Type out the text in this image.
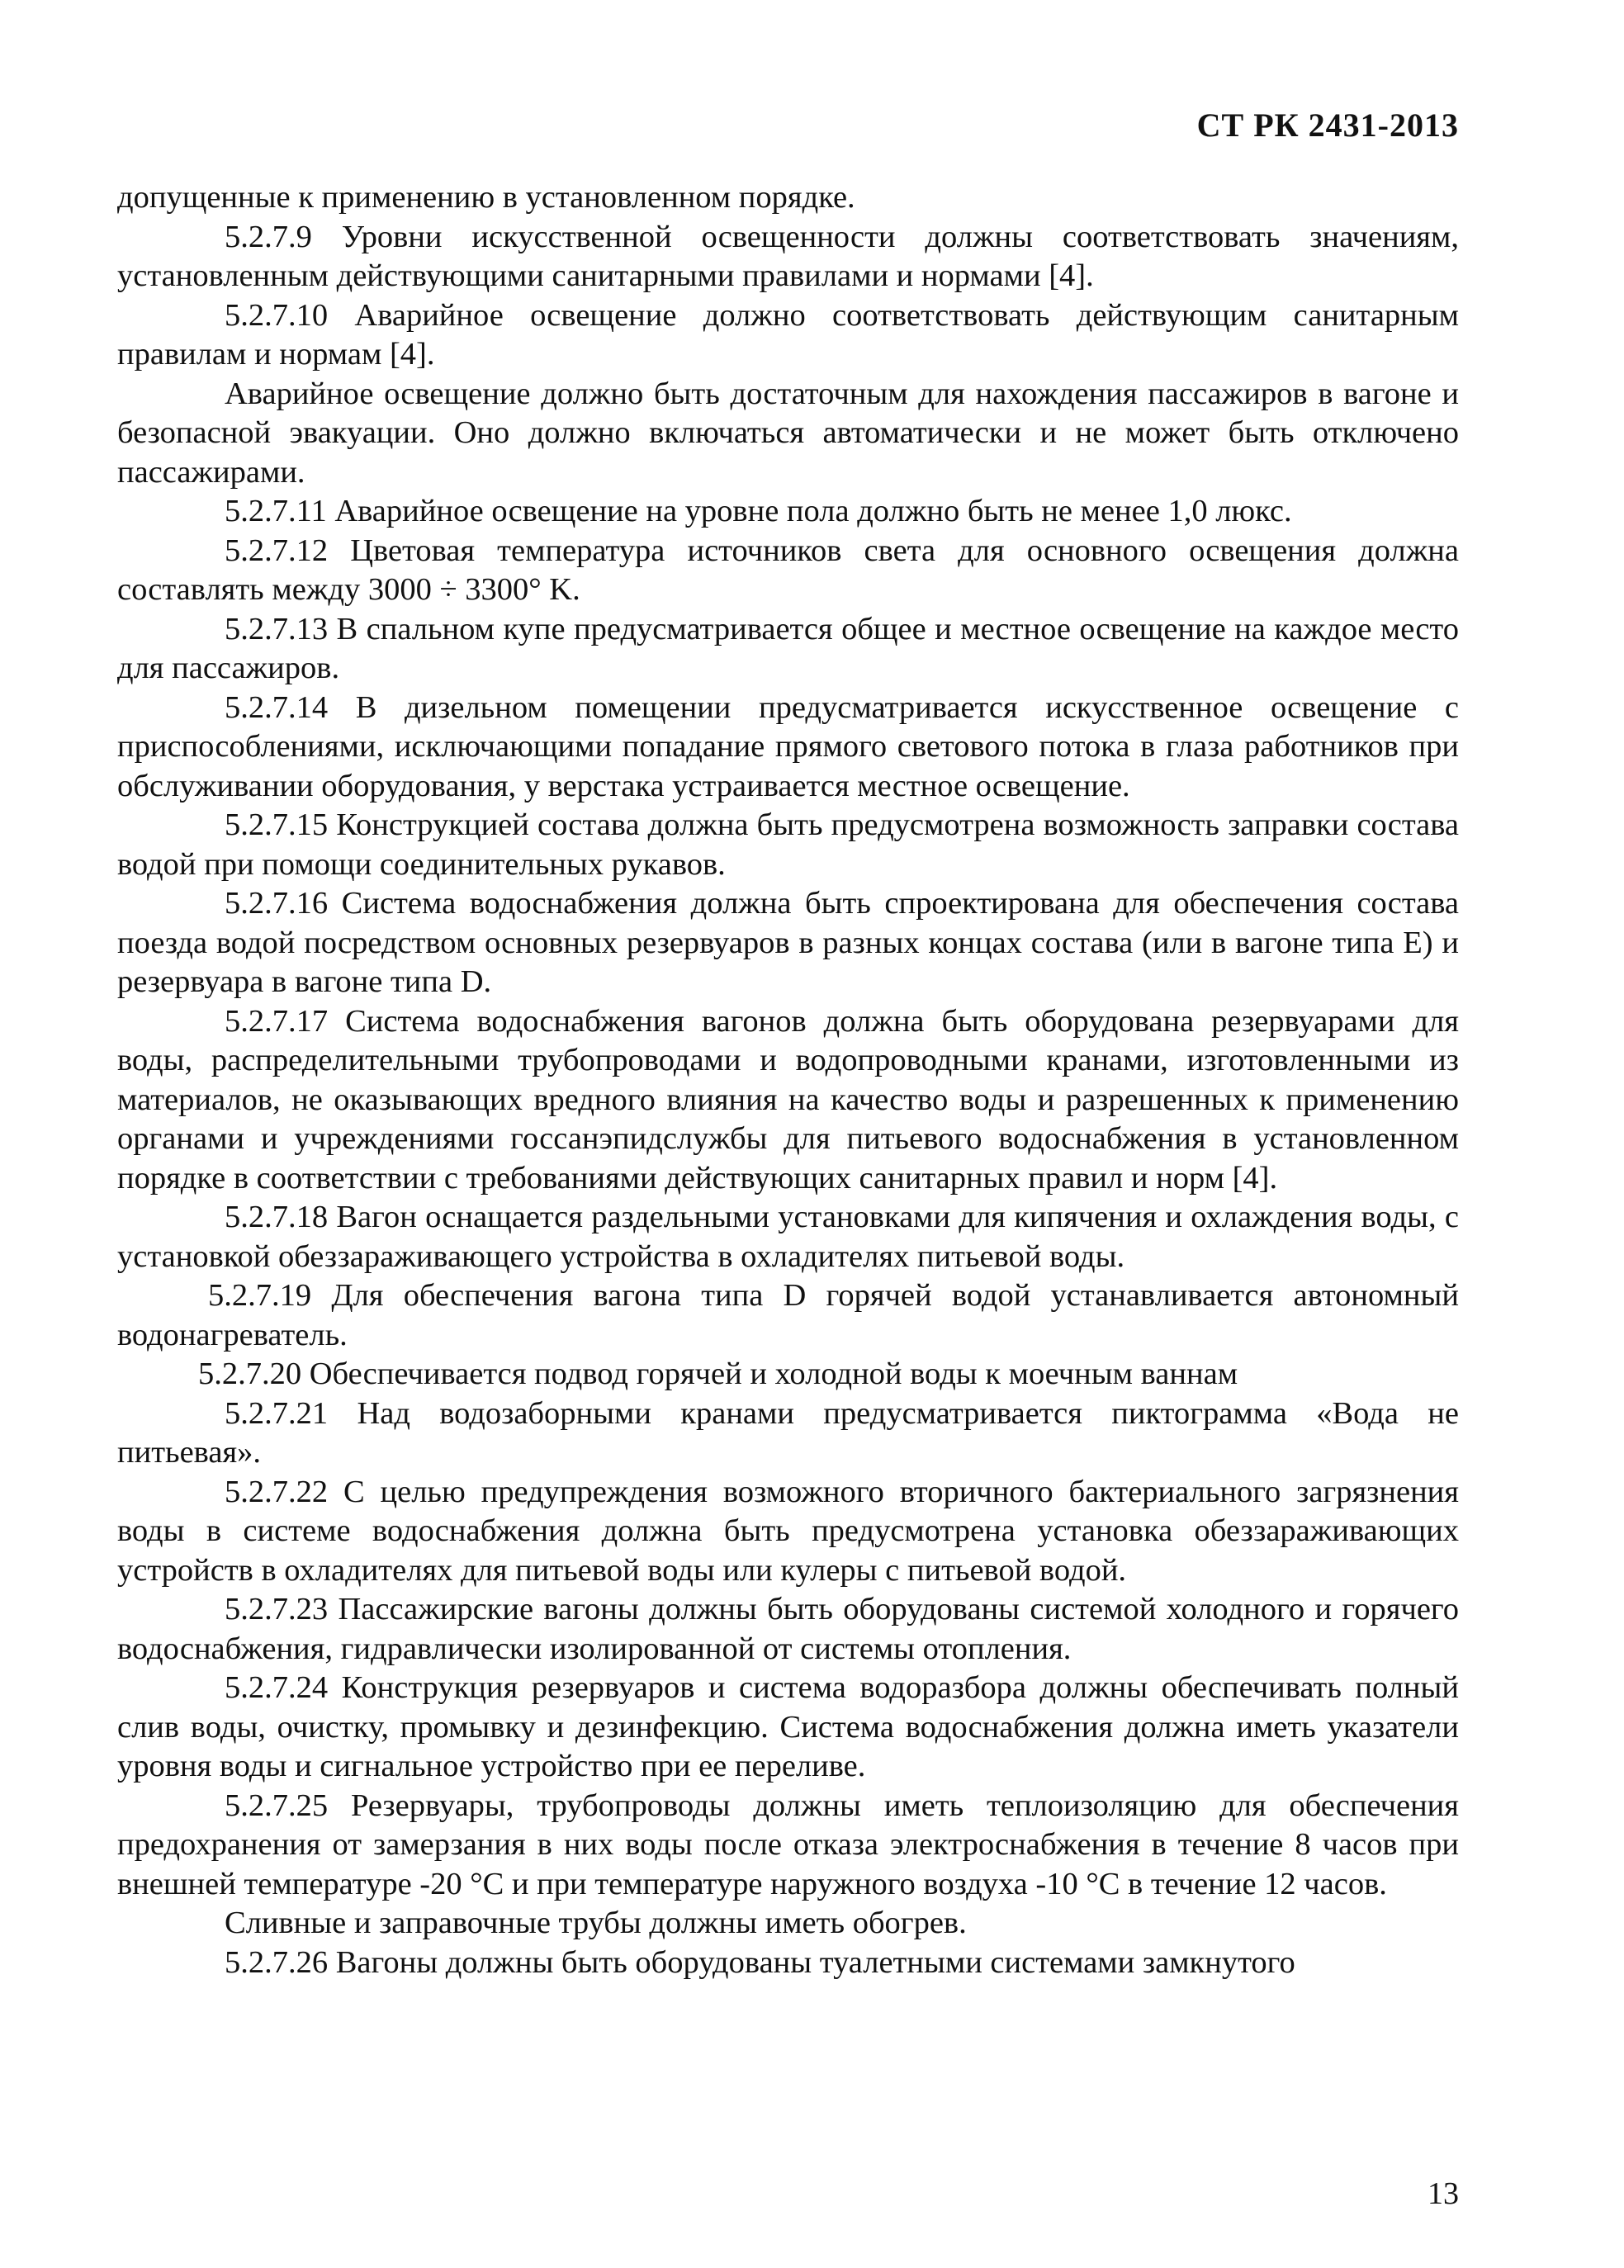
СТ РК 2431-2013

допущенные к применению в установленном порядке.

5.2.7.9 Уровни искусственной освещенности должны соответствовать значениям, установленным действующими санитарными правилами и нормами [4].

5.2.7.10 Аварийное освещение должно соответствовать действующим санитарным правилам и нормам [4].

Аварийное освещение должно быть достаточным для нахождения пассажиров в вагоне и безопасной эвакуации. Оно должно включаться автоматически и не может быть отключено пассажирами.

5.2.7.11 Аварийное освещение на уровне пола должно быть не менее 1,0 люкс.

5.2.7.12 Цветовая температура источников света для основного освещения должна составлять между 3000 ÷ 3300° K.

5.2.7.13 В спальном купе предусматривается общее и местное освещение на каждое место для пассажиров.

5.2.7.14 В дизельном помещении предусматривается искусственное освещение с приспособлениями, исключающими попадание прямого светового потока в глаза работников при обслуживании оборудования, у верстака устраивается местное освещение.

5.2.7.15 Конструкцией состава должна быть предусмотрена возможность заправки состава водой при помощи соединительных рукавов.

5.2.7.16 Система водоснабжения должна быть спроектирована для обеспечения состава поезда водой посредством основных резервуаров в разных концах состава (или в вагоне типа E) и резервуара в вагоне типа D.

5.2.7.17 Система водоснабжения вагонов должна быть оборудована резервуарами для воды, распределительными трубопроводами и водопроводными кранами, изготовленными из материалов, не оказывающих вредного влияния на качество воды и разрешенных к применению органами и учреждениями госсанэпидслужбы для питьевого водоснабжения в установленном порядке в соответствии с требованиями действующих санитарных правил и норм [4].

5.2.7.18 Вагон оснащается раздельными установками для кипячения и охлаждения воды, с установкой обеззараживающего устройства в охладителях питьевой воды.

5.2.7.19 Для обеспечения вагона типа D горячей водой устанавливается автономный водонагреватель.

5.2.7.20 Обеспечивается подвод горячей и холодной воды к моечным ваннам

5.2.7.21 Над водозаборными кранами предусматривается пиктограмма «Вода не питьевая».

5.2.7.22 С целью предупреждения возможного вторичного бактериального загрязнения воды в системе водоснабжения должна быть предусмотрена установка обеззараживающих устройств в охладителях для питьевой воды или кулеры с питьевой водой.

5.2.7.23 Пассажирские вагоны должны быть оборудованы системой холодного и горячего водоснабжения, гидравлически изолированной от системы отопления.

5.2.7.24 Конструкция резервуаров и система водоразбора должны обеспечивать полный слив воды, очистку, промывку и дезинфекцию. Система водоснабжения должна иметь указатели уровня воды и сигнальное устройство при ее переливе.

5.2.7.25 Резервуары, трубопроводы должны иметь теплоизоляцию для обеспечения предохранения от замерзания в них воды после отказа электроснабжения в течение 8 часов при внешней температуре -20 °С и при температуре наружного воздуха -10 °С в течение 12 часов.

Сливные и заправочные трубы должны иметь обогрев.

5.2.7.26 Вагоны должны быть оборудованы туалетными системами замкнутого

13
